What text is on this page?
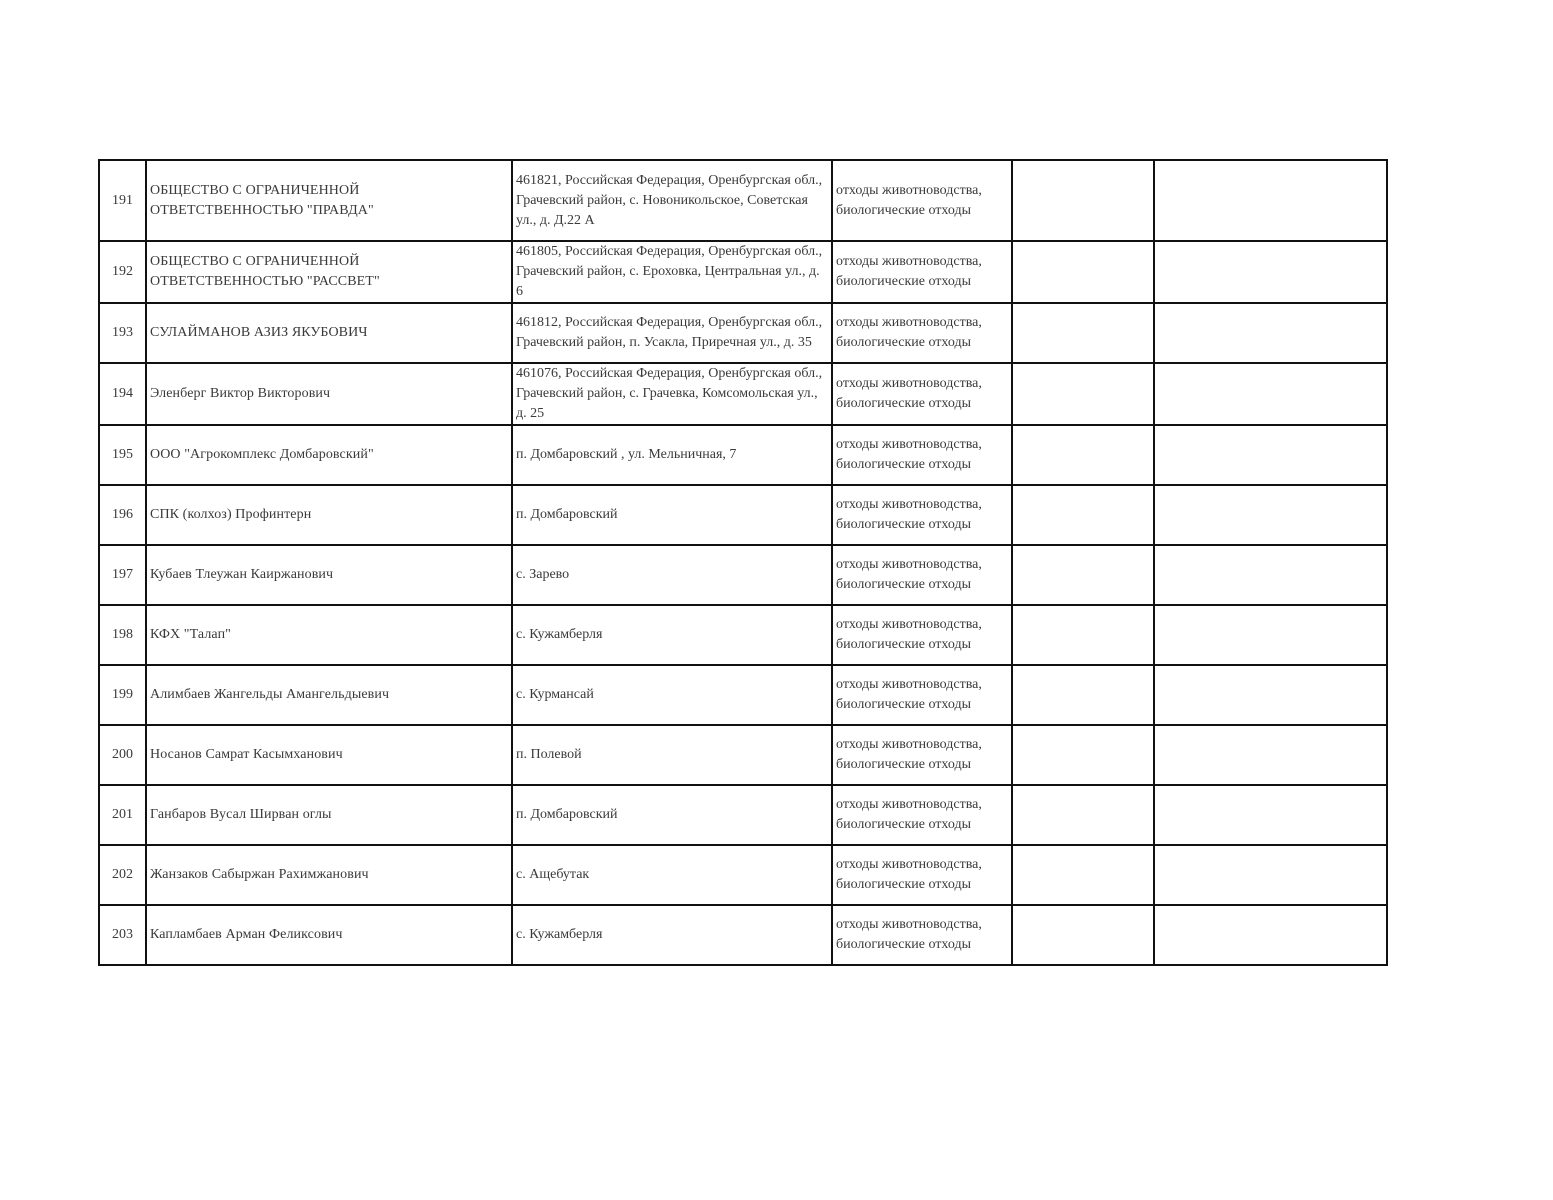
191	ОБЩЕСТВО С ОГРАНИЧЕННОЙ ОТВЕТСТВЕННОСТЬЮ "ПРАВДА"	461821, Российская Федерация, Оренбургская обл., Грачевский район, с. Новоникольское, Советская ул., д. Д.22 А	отходы животноводства, биологические отходы		
192	ОБЩЕСТВО С ОГРАНИЧЕННОЙ ОТВЕТСТВЕННОСТЬЮ "РАССВЕТ"	461805, Российская Федерация, Оренбургская обл., Грачевский район, с. Ероховка, Центральная ул., д. 6	отходы животноводства, биологические отходы		
193	СУЛАЙМАНОВ АЗИЗ ЯКУБОВИЧ	461812, Российская Федерация, Оренбургская обл., Грачевский район, п. Усакла, Приречная ул., д. 35	отходы животноводства, биологические отходы		
194	Эленберг Виктор Викторович	461076, Российская Федерация, Оренбургская обл., Грачевский район, с. Грачевка, Комсомольская ул., д. 25	отходы животноводства, биологические отходы		
195	ООО "Агрокомплекс Домбаровский"	п. Домбаровский , ул. Мельничная, 7	отходы животноводства, биологические отходы		
196	СПК (колхоз) Профинтерн	п. Домбаровский	отходы животноводства, биологические отходы		
197	Кубаев Тлеужан Каиржанович	с. Зарево	отходы животноводства, биологические отходы		
198	КФХ "Талап"	с. Кужамберля	отходы животноводства, биологические отходы		
199	Алимбаев Жангельды Амангельдыевич	с. Курмансай	отходы животноводства, биологические отходы		
200	Носанов Самрат Касымханович	п. Полевой	отходы животноводства, биологические отходы		
201	Ганбаров Вусал Ширван оглы	п. Домбаровский	отходы животноводства, биологические отходы		
202	Жанзаков Сабыржан Рахимжанович	с. Ащебутак	отходы животноводства, биологические отходы		
203	Капламбаев Арман Феликсович	с. Кужамберля	отходы животноводства, биологические отходы		
